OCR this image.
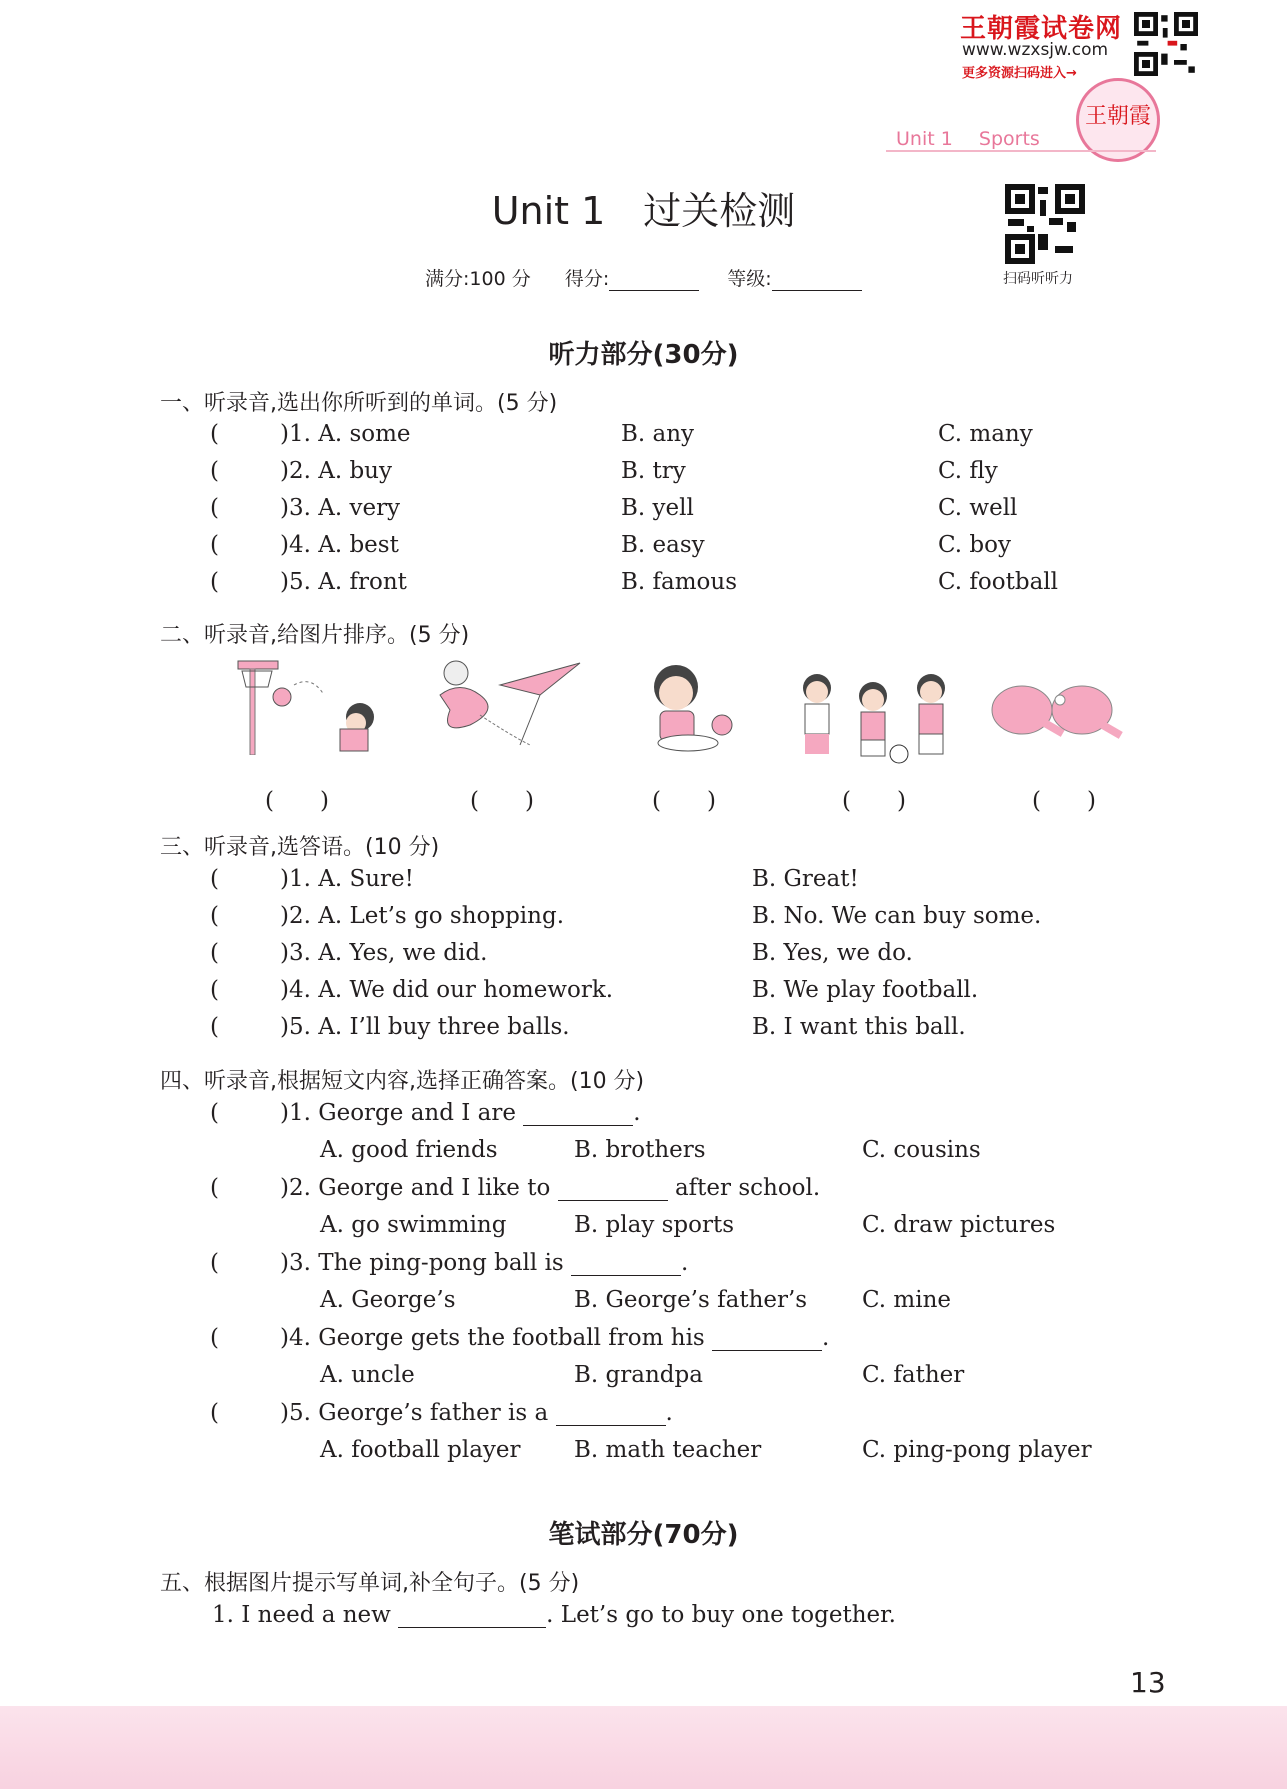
王朝霞试卷网
www.wzxsjw.com
更多资源扫码进入→
王朝霞
Unit 1 Sports
Unit 1　过关检测
满分:100 分 得分:	等级:	扫码听听力
听力部分(30分)
一、听录音,选出你所听到的单词。(5 分)
(	)1. A. some	B. any	C. many
(	)2. A. buy	B. try	C. fly
(	)3. A. very	B. yell	C. well
(	)4. A. best	B. easy	C. boy
(	)5. A. front	B. famous	C. football
二、听录音,给图片排序。(5 分)
(　　)	(　　)	(　　)	(　　)	(　　)
三、听录音,选答语。(10 分)
(	)1. A. Sure!	B. Great!
(	)2. A. Let’s go shopping.	B. No. We can buy some.
(	)3. A. Yes, we did.	B. Yes, we do.
(	)4. A. We did our homework.	B. We play football.
(	)5. A. I’ll buy three balls.	B. I want this ball.
四、听录音,根据短文内容,选择正确答案。(10 分)
(	)1. George and I are	.
A. good friends	B. brothers	C. cousins
(	)2. George and I like to	after school.
A. go swimming	B. play sports	C. draw pictures
(	)3. The ping-pong ball is	.
A. George’s	B. George’s father’s C. mine
(	)4. George gets the football from his	.
A. uncle	B. grandpa	C. father
(	)5. George’s father is a	.
A. football player B. math teacher	C. ping-pong player
笔试部分(70分)
五、根据图片提示写单词,补全句子。(5 分)
1. I need a new	. Let’s go to buy one together.
13
